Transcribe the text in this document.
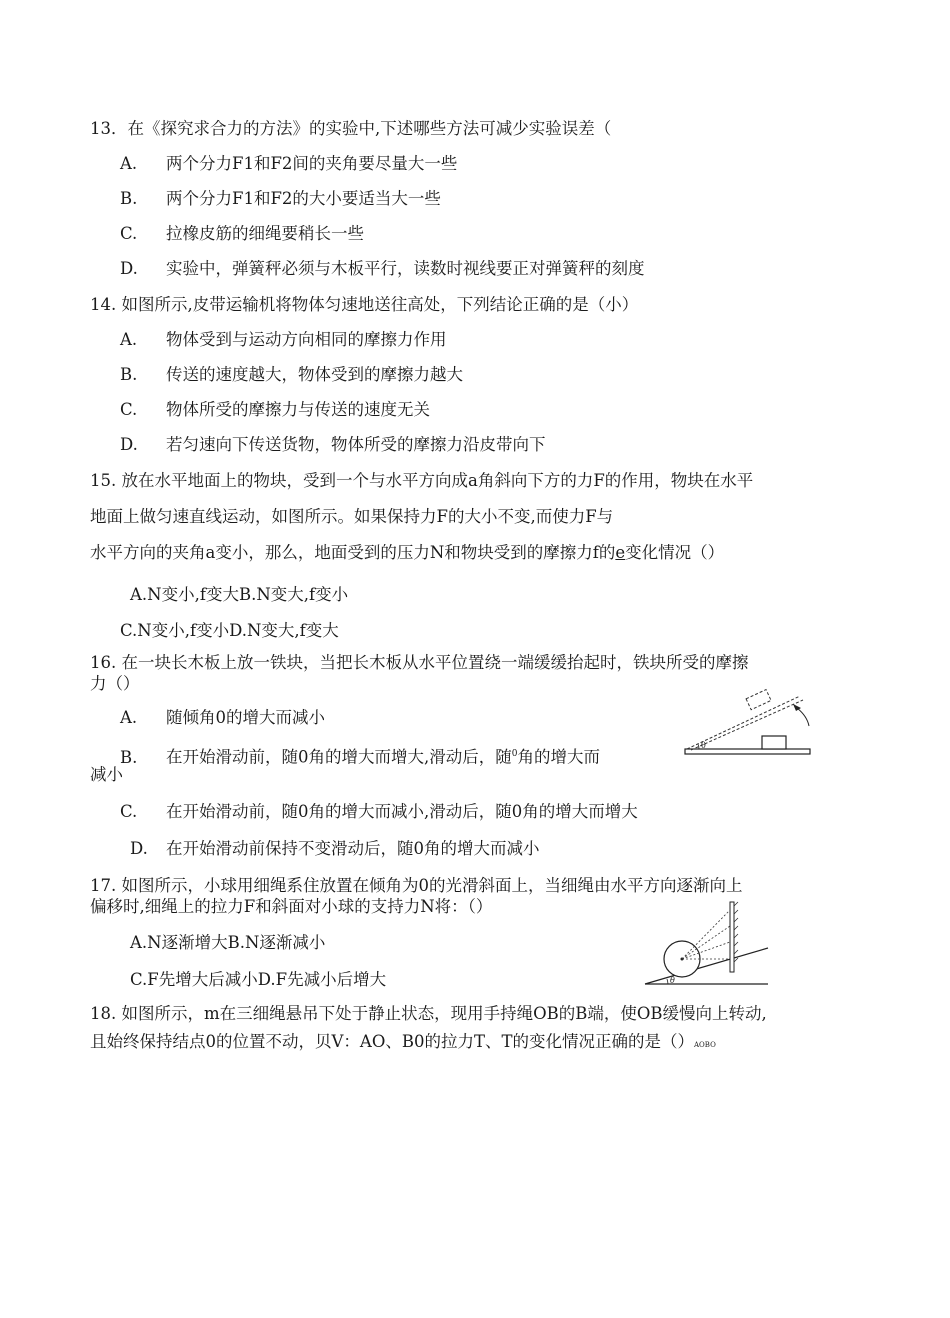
13．在《探究求合力的方法》的实验中,下述哪些方法可减少实验误差（
A. 两个分力F1和F2间的夹角要尽量大一些
B. 两个分力F1和F2的大小要适当大一些
C. 拉橡皮筋的细绳要稍长一些
D. 实验中，弹簧秤必须与木板平行，读数时视线要正对弹簧秤的刻度
14. 如图所示,皮带运输机将物体匀速地送往高处，下列结论正确的是（小）
A. 物体受到与运动方向相同的摩擦力作用
B. 传送的速度越大，物体受到的摩擦力越大
C. 物体所受的摩擦力与传送的速度无关
D. 若匀速向下传送货物，物体所受的摩擦力沿皮带向下
15. 放在水平地面上的物块，受到一个与水平方向成a角斜向下方的力F的作用，物块在水平
地面上做匀速直线运动，如图所示。如果保持力F的大小不变,而使力F与
水平方向的夹角a变小，那么，地面受到的压力N和物块受到的摩擦力f的e变化情况（）
A.N变小,f变大B.N变大,f变小
C.N变小,f变小D.N变大,f变大
16. 在一块长木板上放一铁块，当把长木板从水平位置绕一端缓缓抬起时，铁块所受的摩擦
力（）
A. 随倾角0的增大而减小
B. 在开始滑动前，随0角的增大而增大,滑动后，随$^0$角的增大而
减小
C. 在开始滑动前，随0角的增大而减小,滑动后，随0角的增大而增大
D. 在开始滑动前保持不变滑动后，随0角的增大而减小
θ
17. 如图所示，小球用细绳系住放置在倾角为0的光滑斜面上，当细绳由水平方向逐渐向上
偏移时,细绳上的拉力F和斜面对小球的支持力N将：（）
A.N逐渐增大B.N逐渐减小
C.F先增大后减小D.F先减小后增大	θ
18. 如图所示，m在三细绳悬吊下处于静止状态，现用手持绳OB的B端，使OB缓慢向上转动,
且始终保持结点0的位置不动，贝V：AO、B0的拉力T、T的变化情况正确的是（）AOBO
